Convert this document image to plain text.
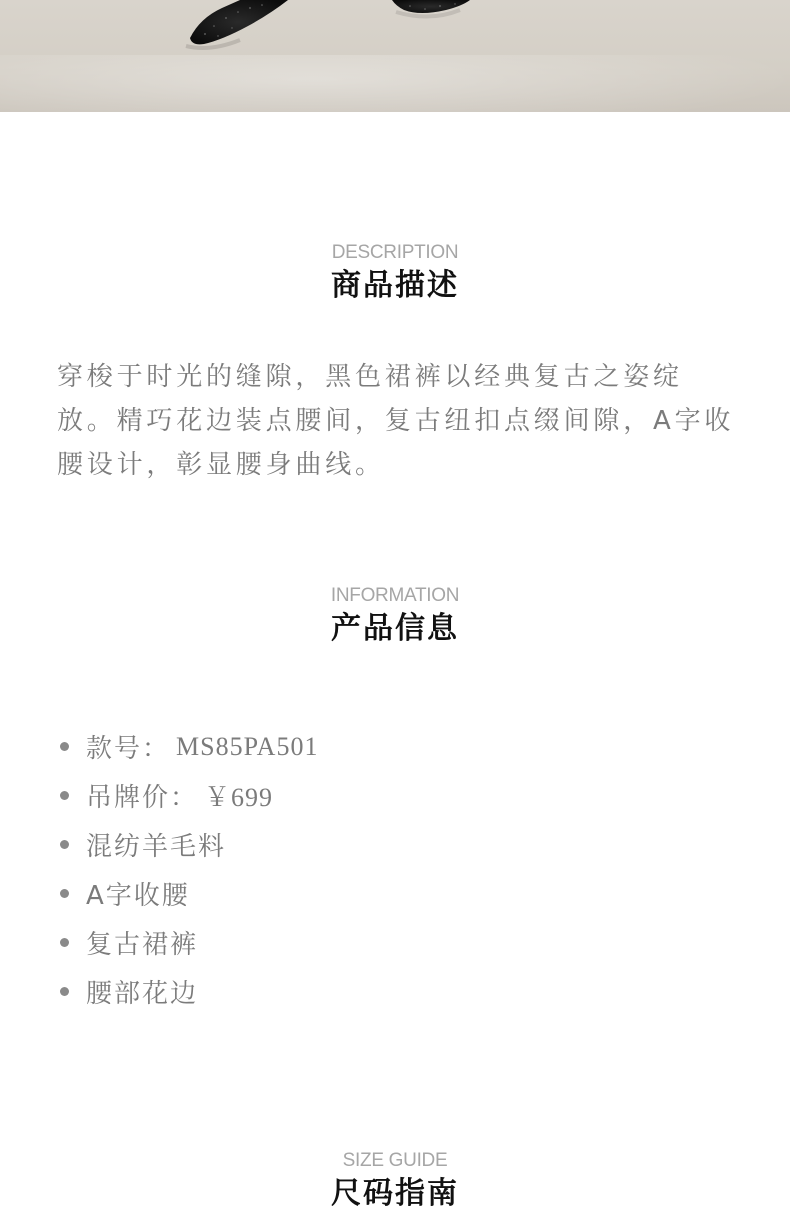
DESCRIPTION
商品描述

穿梭于时光的缝隙，黑色裙裤以经典复古之姿绽放。精巧花边装点腰间，复古纽扣点缀间隙，A字收腰设计，彰显腰身曲线。

INFORMATION
产品信息
款号： MS85PA501
吊牌价： ￥699
混纺羊毛料
A字收腰
复古裙裤
腰部花边
SIZE GUIDE
尺码指南
